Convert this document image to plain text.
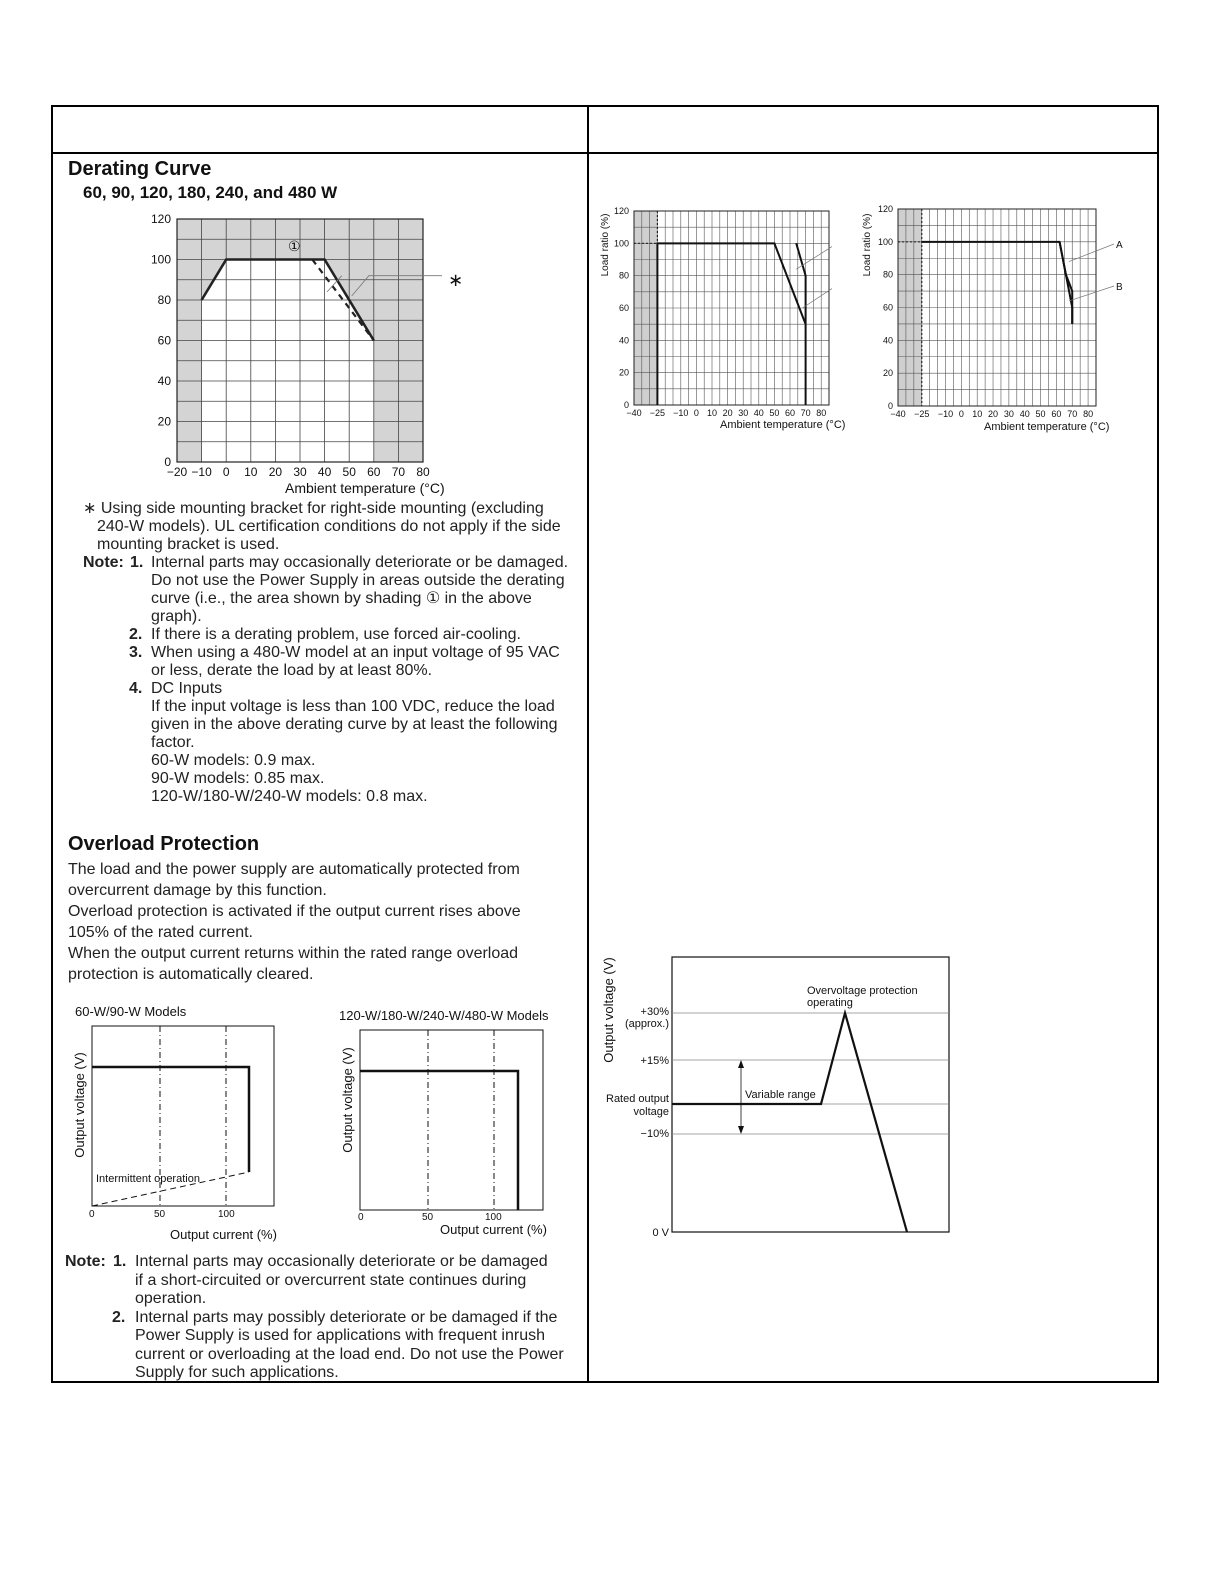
Derating Curve
60, 90, 120, 180, 240, and 480 W
0
20
40
60
80
100
120
−20 −10 0 10 20 30 40 50 60 70 80
①
∗
Ambient temperature (°C)
∗ Using side mounting bracket for right-side mounting (excluding
240-W models). UL certification conditions do not apply if the side
mounting bracket is used.
Note:
Overload Protection
60-W/90-W Models	120-W/180-W/240-W/480-W Models
Output voltage (V)
Intermittent operation
0	50	100
Output current (%)
Output voltage (V)
0	50	100
Output current (%)
Note:
Load ratio (%)
0
20
40
60
80
100
120
−40 −25 −10 0 10 20 30 40 50 60 70 80
Ambient temperature (°C)
Load ratio (%)
0
20
40
60
80
100
120
−40 −25 −10 0 10 20 30 40 50 60 70 80
A
B
Ambient temperature (°C)
Output voltage (V) +30%
(approx.)
+15%
Rated output
voltage
−10%
0 V
Variable range
Overvoltage protection
operating
1. Internal parts may occasionally deteriorate or be damaged.
Do not use the Power Supply in areas outside the derating
curve (i.e., the area shown by shading ① in the above
graph).
2. If there is a derating problem, use forced air-cooling.
3. When using a 480-W model at an input voltage of 95 VAC
or less, derate the load by at least 80%.
4. DC Inputs
If the input voltage is less than 100 VDC, reduce the load
given in the above derating curve by at least the following
factor.
60-W models: 0.9 max.
90-W models: 0.85 max.
120-W/180-W/240-W models: 0.8 max.
The load and the power supply are automatically protected from
overcurrent damage by this function.
Overload protection is activated if the output current rises above
105% of the rated current.
When the output current returns within the rated range overload
protection is automatically cleared.
1. Internal parts may occasionally deteriorate or be damaged
if a short-circuited or overcurrent state continues during
operation.
2. Internal parts may possibly deteriorate or be damaged if the
Power Supply is used for applications with frequent inrush
current or overloading at the load end. Do not use the Power
Supply for such applications.
